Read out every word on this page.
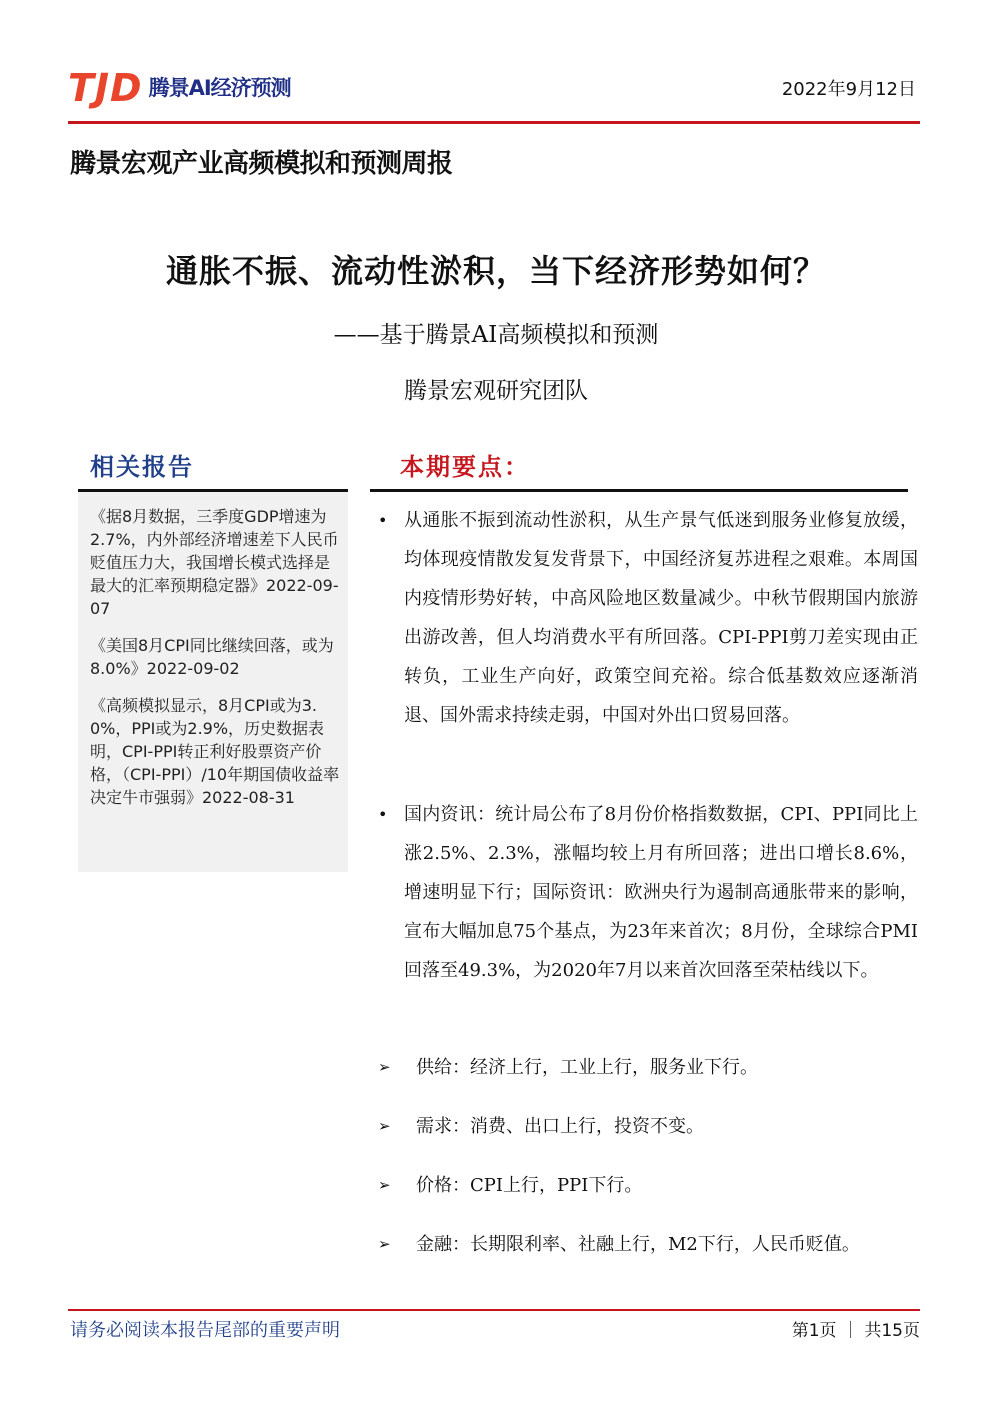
TJD 腾景AI经济预测	2022年9月12日
腾景宏观产业高频模拟和预测周报
通胀不振、流动性淤积，当下经济形势如何？
——基于腾景AI高频模拟和预测
腾景宏观研究团队
相关报告

《据8月数据，三季度GDP增速为2.7%，内外部经济增速差下人民币贬值压力大，我国增长模式选择是最大的汇率预期稳定器》2022-09-07

《美国8月CPI同比继续回落，或为8.0%》2022-09-02

《高频模拟显示，8月CPI或为3.0%，PPI或为2.9%，历史数据表明，CPI-PPI转正利好股票资产价格，（CPI-PPI）/10年期国债收益率决定牛市强弱》2022-08-31

本期要点：
• 从通胀不振到流动性淤积，从生产景气低迷到服务业修复放缓，均体现疫情散发复发背景下，中国经济复苏进程之艰难。本周国内疫情形势好转，中高风险地区数量减少。中秋节假期国内旅游出游改善，但人均消费水平有所回落。CPI-PPI剪刀差实现由正转负，工业生产向好，政策空间充裕。综合低基数效应逐渐消退、国外需求持续走弱，中国对外出口贸易回落。
• 国内资讯：统计局公布了8月份价格指数数据，CPI、PPI同比上涨2.5%、2.3%，涨幅均较上月有所回落；进出口增长8.6%，增速明显下行；国际资讯：欧洲央行为遏制高通胀带来的影响，宣布大幅加息75个基点，为23年来首次；8月份，全球综合PMI回落至49.3%，为2020年7月以来首次回落至荣枯线以下。
➢ 供给：经济上行，工业上行，服务业下行。
➢ 需求：消费、出口上行，投资不变。
➢ 价格：CPI上行，PPI下行。
➢ 金融：长期限利率、社融上行，M2下行，人民币贬值。
请务必阅读本报告尾部的重要声明	第1页 ｜ 共15页
